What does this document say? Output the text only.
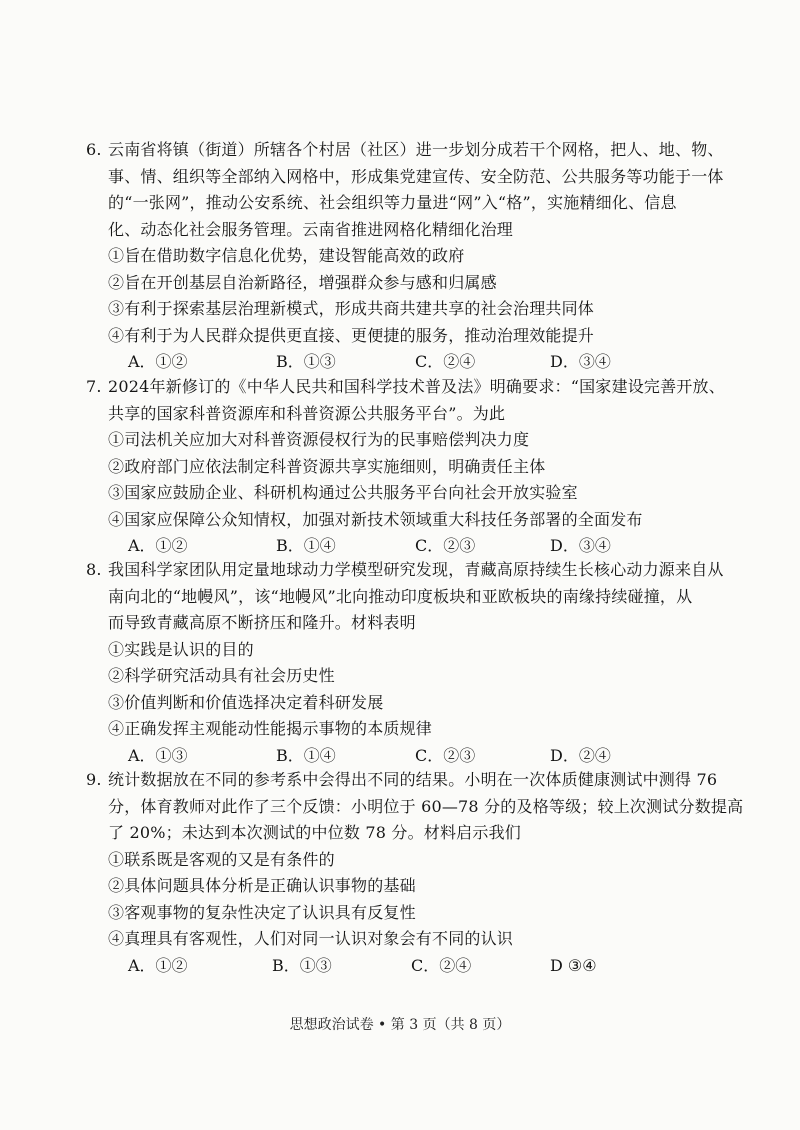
6. 云南省将镇（街道）所辖各个村居（社区）进一步划分成若干个网格，把人、地、物、
事、情、组织等全部纳入网格中，形成集党建宣传、安全防范、公共服务等功能于一体
的“一张网”，推动公安系统、社会组织等力量进“网”入“格”，实施精细化、信息
化、动态化社会服务管理。云南省推进网格化精细化治理
①旨在借助数字信息化优势，建设智能高效的政府
②旨在开创基层自治新路径，增强群众参与感和归属感
③有利于探索基层治理新模式，形成共商共建共享的社会治理共同体
④有利于为人民群众提供更直接、更便捷的服务，推动治理效能提升
A．①②	B．①③	C．②④	D．③④
7. 2024年新修订的《中华人民共和国科学技术普及法》明确要求：“国家建设完善开放、
共享的国家科普资源库和科普资源公共服务平台”。为此
①司法机关应加大对科普资源侵权行为的民事赔偿判决力度
②政府部门应依法制定科普资源共享实施细则，明确责任主体
③国家应鼓励企业、科研机构通过公共服务平台向社会开放实验室
④国家应保障公众知情权，加强对新技术领域重大科技任务部署的全面发布
A．①②	B．①④	C．②③	D．③④
8. 我国科学家团队用定量地球动力学模型研究发现，青藏高原持续生长核心动力源来自从
南向北的“地幔风”，该“地幔风”北向推动印度板块和亚欧板块的南缘持续碰撞，从
而导致青藏高原不断挤压和隆升。材料表明
①实践是认识的目的
②科学研究活动具有社会历史性
③价值判断和价值选择决定着科研发展
④正确发挥主观能动性能揭示事物的本质规律
A．①③	B．①④	C．②③	D．②④
9. 统计数据放在不同的参考系中会得出不同的结果。小明在一次体质健康测试中测得 76
分，体育教师对此作了三个反馈：小明位于 60—78 分的及格等级；较上次测试分数提高
了 20%；未达到本次测试的中位数 78 分。材料启示我们
①联系既是客观的又是有条件的
②具体问题具体分析是正确认识事物的基础
③客观事物的复杂性决定了认识具有反复性
④真理具有客观性，人们对同一认识对象会有不同的认识
A．①②	B．①③	C．②④	D ③④
思想政治试卷 • 第 3 页（共 8 页）
